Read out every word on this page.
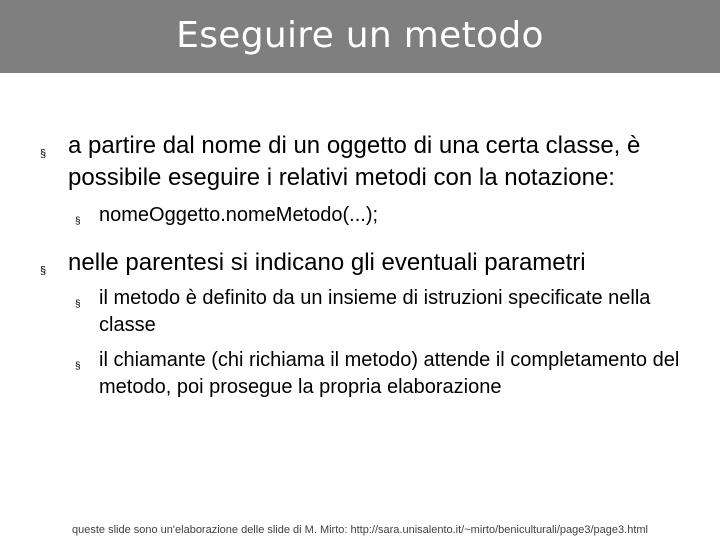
Eseguire un metodo
§ a partire dal nome di un oggetto di una certa classe, è possibile eseguire i relativi metodi con la notazione:
§ nomeOggetto.nomeMetodo(...);
§ nelle parentesi si indicano gli eventuali parametri
§ il metodo è definito da un insieme di istruzioni specificate nella classe
§ il chiamante (chi richiama il metodo) attende il completamento del metodo, poi prosegue la propria elaborazione
queste slide sono un'elaborazione delle slide di M. Mirto: http://sara.unisalento.it/~mirto/beniculturali/page3/page3.html
